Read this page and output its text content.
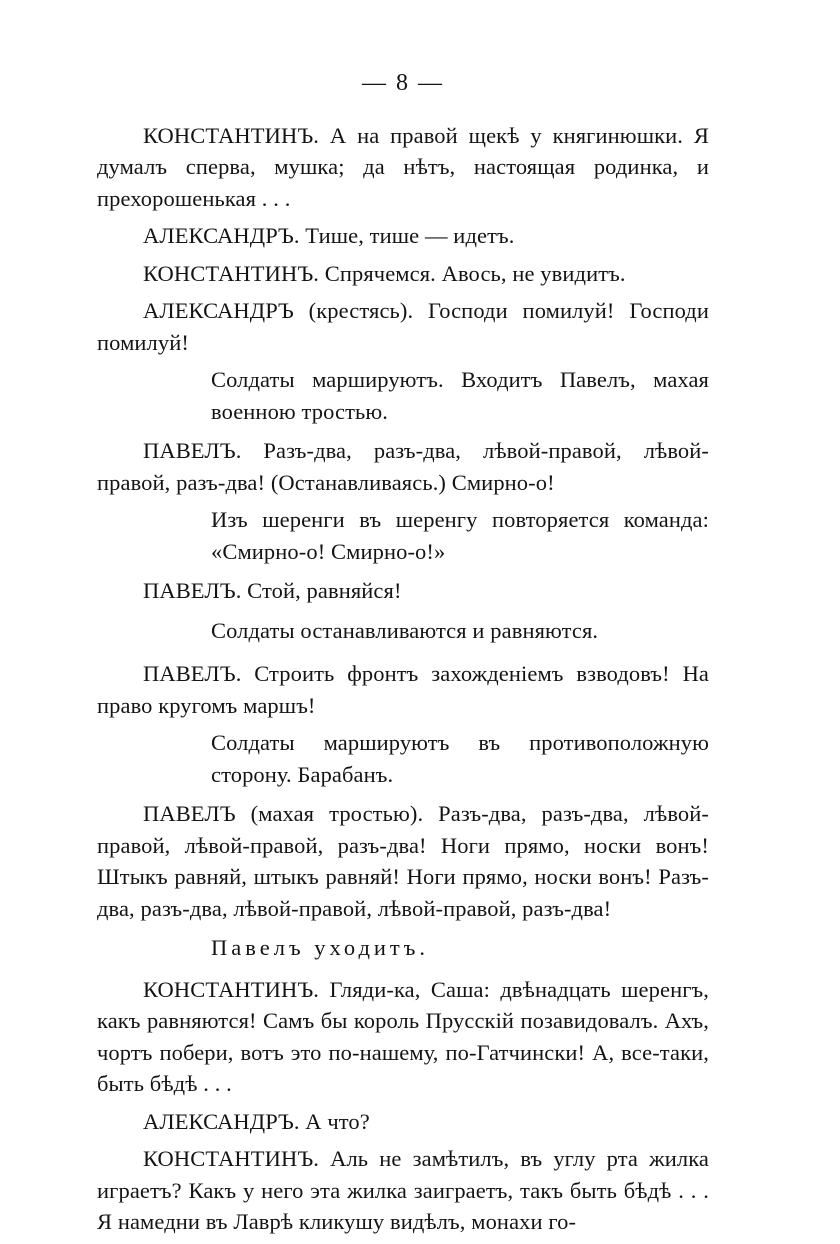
— 8 —

КОНСТАНТИНЪ. А на правой щекѣ у княгинюшки. Я думалъ сперва, мушка; да нѣтъ, настоящая родинка, и прехорошенькая . . .

АЛЕКСАНДРЪ. Тише, тише — идетъ.

КОНСТАНТИНЪ. Спрячемся. Авось, не увидитъ.

АЛЕКСАНДРЪ (крестясь). Господи помилуй! Господи помилуй!

Солдаты маршируютъ. Входитъ Павелъ, махая военною тростью.

ПАВЕЛЪ. Разъ-два, разъ-два, лѣвой-правой, лѣвой-правой, разъ-два! (Останавливаясь.) Смирно-о!

Изъ шеренги въ шеренгу повторяется команда: «Смирно-о! Смирно-о!»

ПАВЕЛЪ. Стой, равняйся!

Солдаты останавливаются и равняются.

ПАВЕЛЪ. Строить фронтъ захожденіемъ взводовъ! На право кругомъ маршъ!

Солдаты маршируютъ въ противоположную сторону. Барабанъ.

ПАВЕЛЪ (махая тростью). Разъ-два, разъ-два, лѣвой-правой, лѣвой-правой, разъ-два! Ноги прямо, носки вонъ! Штыкъ равняй, штыкъ равняй! Ноги прямо, носки вонъ! Разъ-два, разъ-два, лѣвой-правой, лѣвой-правой, разъ-два!

Павелъ уходитъ.

КОНСТАНТИНЪ. Гляди-ка, Саша: двѣнадцать шеренгъ, какъ равняются! Самъ бы король Прусскій позавидовалъ. Ахъ, чортъ побери, вотъ это по-нашему, по-Гатчински! А, все-таки, быть бѣдѣ . . .

АЛЕКСАНДРЪ. А что?

КОНСТАНТИНЪ. Аль не замѣтилъ, въ углу рта жилка играетъ? Какъ у него эта жилка заиграетъ, такъ быть бѣдѣ . . . Я намедни въ Лаврѣ кликушу видѣлъ, монахи го-
